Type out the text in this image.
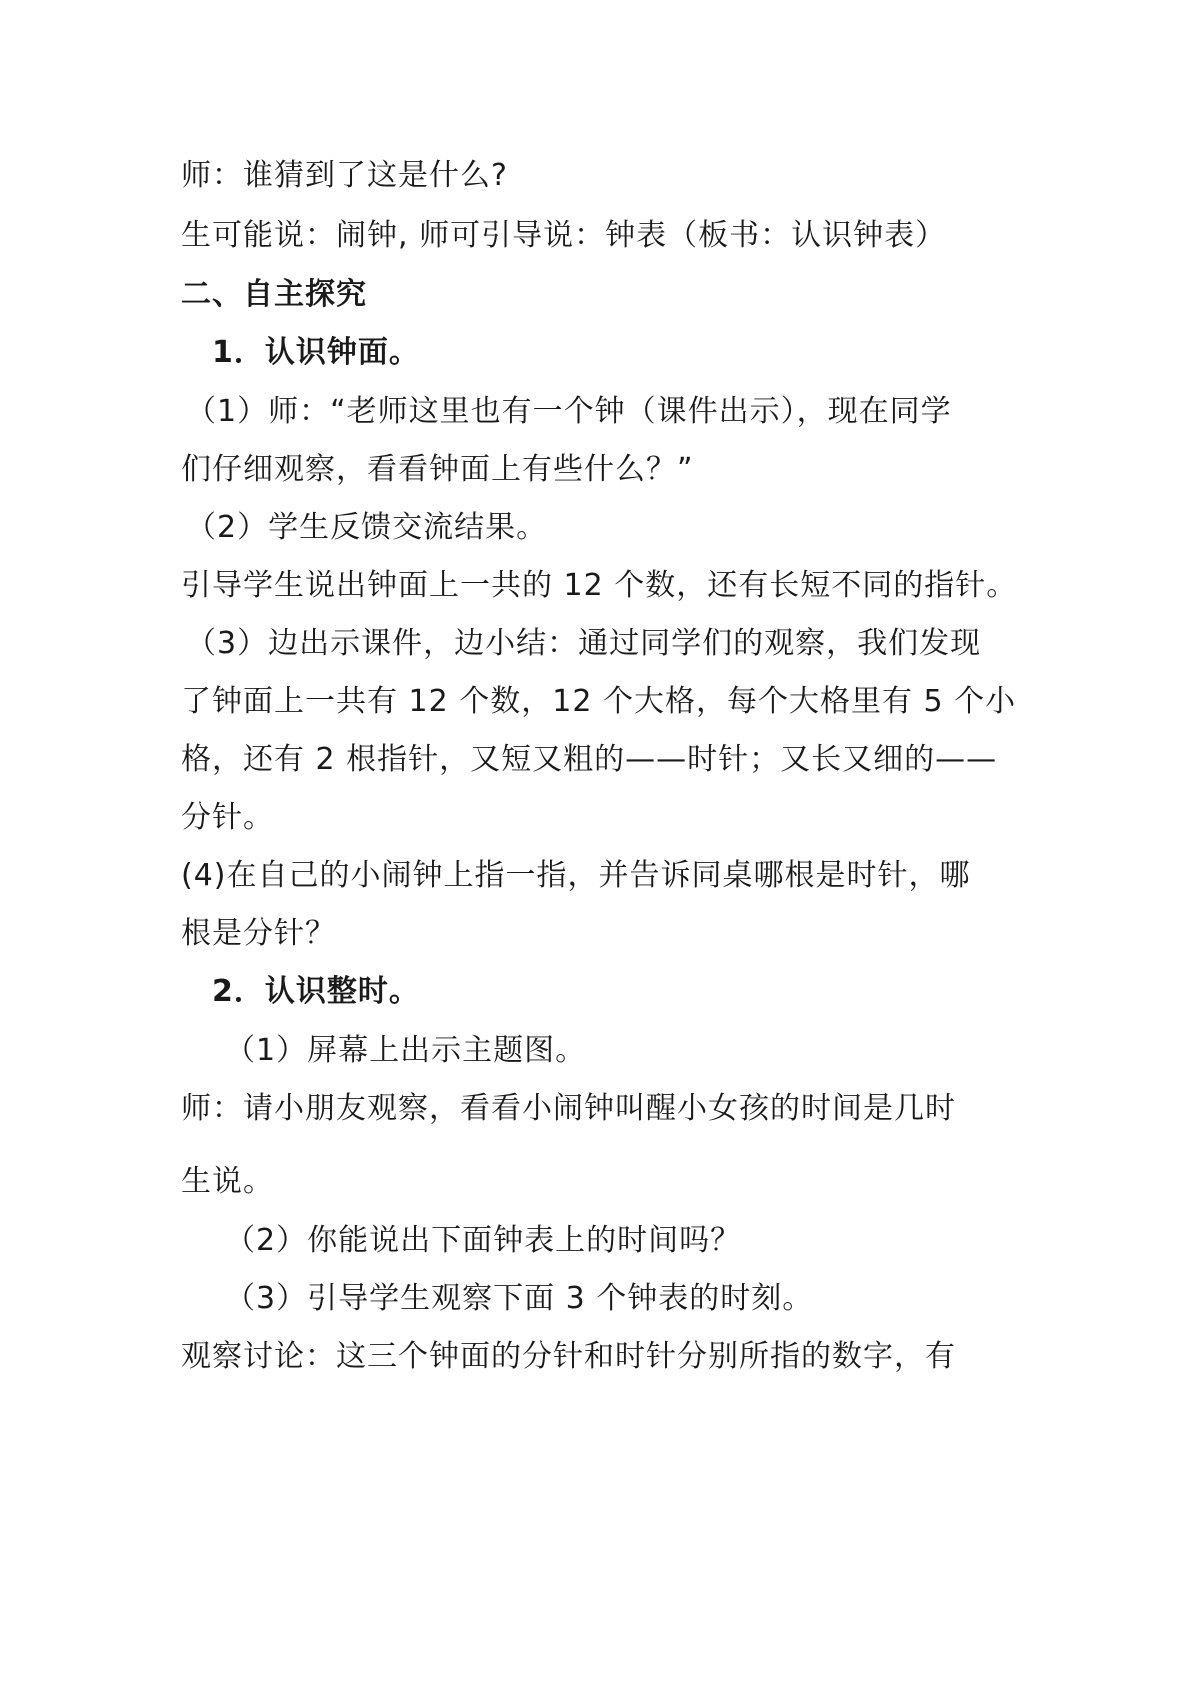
师：谁猜到了这是什么?
生可能说：闹钟, 师可引导说：钟表（板书：认识钟表）
二、自主探究
1．认识钟面。
（1）师：“老师这里也有一个钟（课件出示），现在同学
们仔细观察，看看钟面上有些什么？”
（2）学生反馈交流结果。
引导学生说出钟面上一共的 12 个数，还有长短不同的指针。
（3）边出示课件，边小结：通过同学们的观察，我们发现
了钟面上一共有 12 个数，12 个大格，每个大格里有 5 个小
格，还有 2 根指针，又短又粗的——时针；又长又细的——
分针。
(4)在自己的小闹钟上指一指，并告诉同桌哪根是时针，哪
根是分针？
2．认识整时。
（1）屏幕上出示主题图。
师：请小朋友观察，看看小闹钟叫醒小女孩的时间是几时
生说。
（2）你能说出下面钟表上的时间吗？
（3）引导学生观察下面 3 个钟表的时刻。
观察讨论：这三个钟面的分针和时针分别所指的数字，有
